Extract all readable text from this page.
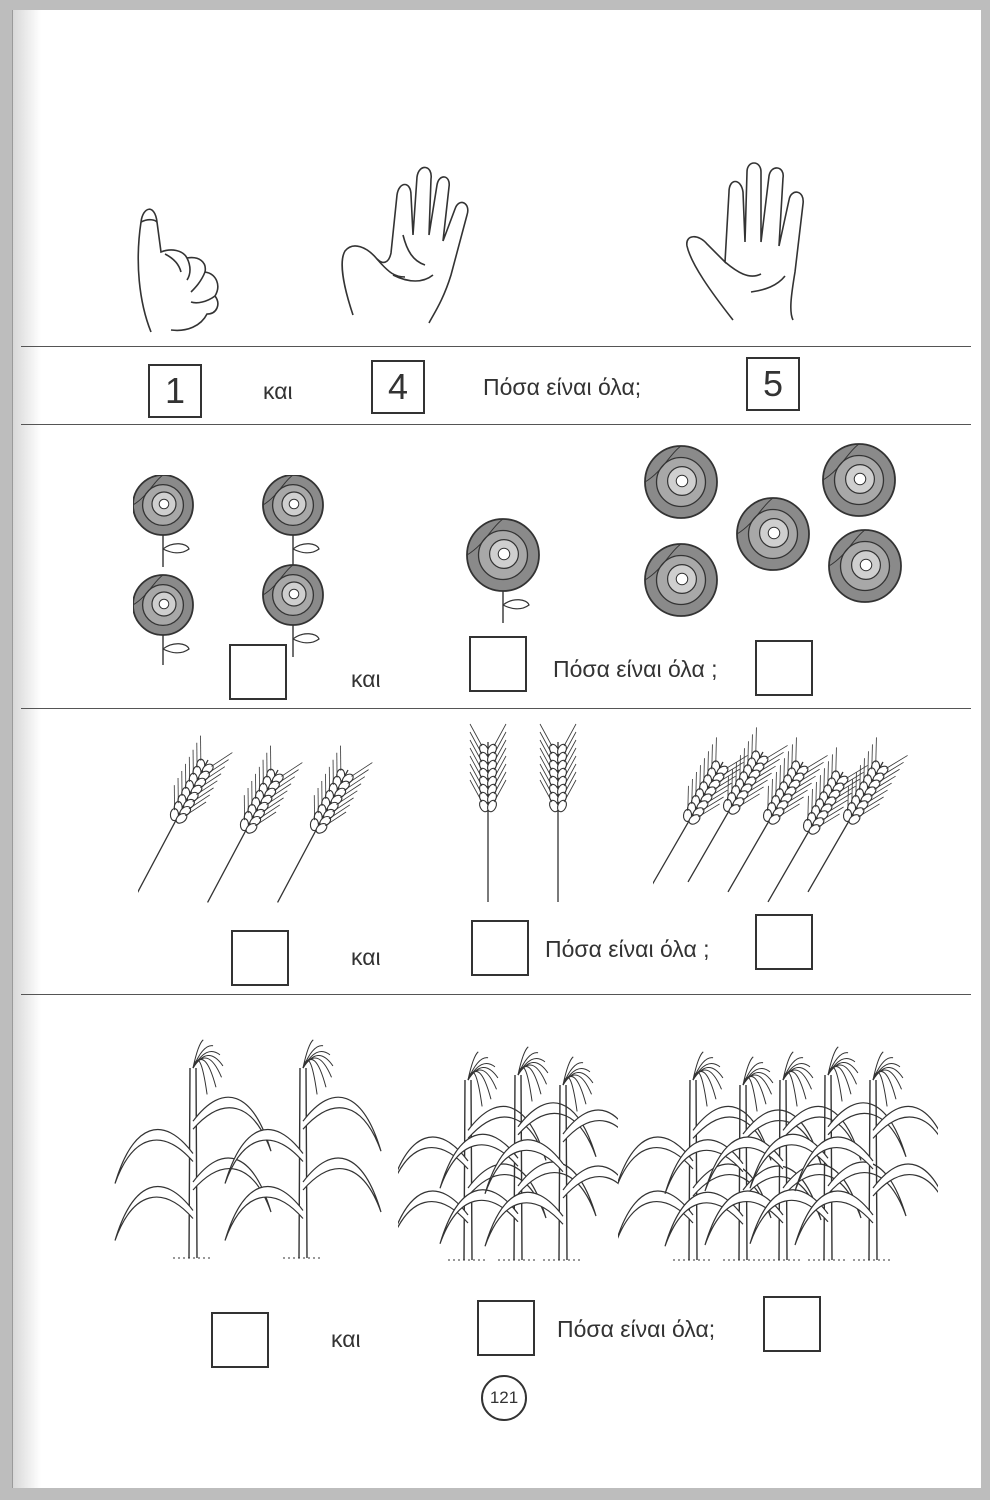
1	και	4	Πόσα είναι όλα;	5
και	Πόσα είναι όλα ;
και	Πόσα είναι όλα ;
και	Πόσα είναι όλα;
121
